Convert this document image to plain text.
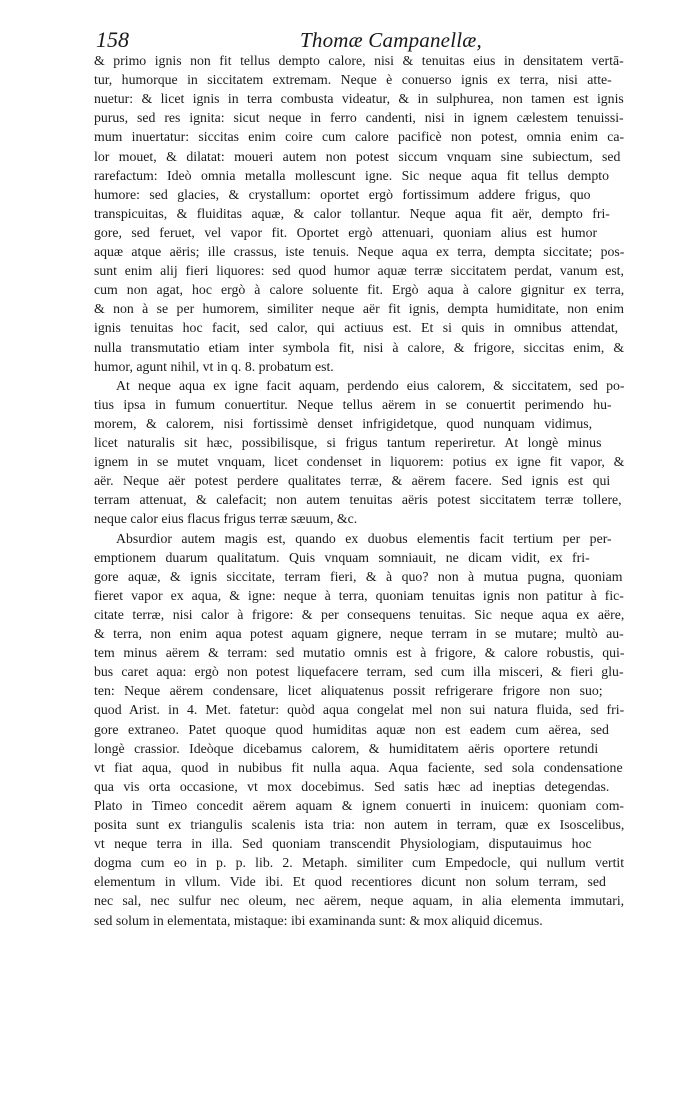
158	Thomæ Campanellæ,
& primo ignis non fit tellus dempto calore, nisi & tenuitas eius in densitatem vertā-
tur, humorque in siccitatem extremam. Neque è conuerso ignis ex terra, nisi atte-
nuetur: & licet ignis in terra combusta videatur, & in sulphurea, non tamen est ignis
purus, sed res ignita: sicut neque in ferro candenti, nisi in ignem cælestem tenuissi-
mum inuertatur: siccitas enim coire cum calore pacificè non potest, omnia enim ca-
lor mouet, & dilatat: moueri autem non potest siccum vnquam sine subiectum, sed
rarefactum: Ideò omnia metalla mollescunt igne. Sic neque aqua fit tellus dempto
humore: sed glacies, & crystallum: oportet ergò fortissimum addere frigus, quo
transpicuitas, & fluiditas aquæ, & calor tollantur. Neque aqua fit aër, dempto fri-
gore, sed feruet, vel vapor fit. Oportet ergò attenuari, quoniam alius est humor
aquæ atque aëris; ille crassus, iste tenuis. Neque aqua ex terra, dempta siccitate; pos-
sunt enim alij fieri liquores: sed quod humor aquæ terræ siccitatem perdat, vanum est,
cum non agat, hoc ergò à calore soluente fit. Ergò aqua à calore gignitur ex terra,
& non à se per humorem, similiter neque aër fit ignis, dempta humiditate, non enim
ignis tenuitas hoc facit, sed calor, qui actiuus est. Et si quis in omnibus attendat,
nulla transmutatio etiam inter symbola fit, nisi à calore, & frigore, siccitas enim, &
humor, agunt nihil, vt in q. 8. probatum est.
At neque aqua ex igne facit aquam, perdendo eius calorem, & siccitatem, sed po-
tius ipsa in fumum conuertitur. Neque tellus aërem in se conuertit perimendo hu-
morem, & calorem, nisi fortissimè denset infrigidetque, quod nunquam vidimus,
licet naturalis sit hæc, possibilisque, si frigus tantum reperiretur. At longè minus
ignem in se mutet vnquam, licet condenset in liquorem: potius ex igne fit vapor, &
aër. Neque aër potest perdere qualitates terræ, & aërem facere. Sed ignis est qui
terram attenuat, & calefacit; non autem tenuitas aëris potest siccitatem terræ tollere,
neque calor eius flacus frigus terræ sæuum, &c.
Absurdior autem magis est, quando ex duobus elementis facit tertium per per-
emptionem duarum qualitatum. Quis vnquam somniauit, ne dicam vidit, ex fri-
gore aquæ, & ignis siccitate, terram fieri, & à quo? non à mutua pugna, quoniam
fieret vapor ex aqua, & igne: neque à terra, quoniam tenuitas ignis non patitur à fic-
citate terræ, nisi calor à frigore: & per consequens tenuitas. Sic neque aqua ex aëre,
& terra, non enim aqua potest aquam gignere, neque terram in se mutare; multò au-
tem minus aërem & terram: sed mutatio omnis est à frigore, & calore robustis, qui-
bus caret aqua: ergò non potest liquefacere terram, sed cum illa misceri, & fieri glu-
ten: Neque aërem condensare, licet aliquatenus possit refrigerare frigore non suo;
quod Arist. in 4. Met. fatetur: quòd aqua congelat mel non sui natura fluida, sed fri-
gore extraneo. Patet quoque quod humiditas aquæ non est eadem cum aërea, sed
longè crassior. Ideòque dicebamus calorem, & humiditatem aëris oportere retundi
vt fiat aqua, quod in nubibus fit nulla aqua. Aqua faciente, sed sola condensatione
qua vis orta occasione, vt mox docebimus. Sed satis hæc ad ineptias detegendas.
Plato in Timeo concedit aërem aquam & ignem conuerti in inuicem: quoniam com-
posita sunt ex triangulis scalenis ista tria: non autem in terram, quæ ex Isoscelibus,
vt neque terra in illa. Sed quoniam transcendit Physiologiam, disputauimus hoc
dogma cum eo in p. p. lib. 2. Metaph. similiter cum Empedocle, qui nullum vertit
elementum in vllum. Vide ibi. Et quod recentiores dicunt non solum terram, sed
nec sal, nec sulfur nec oleum, nec aërem, neque aquam, in alia elementa immutari,
sed solum in elementata, mistaque: ibi examinanda sunt: & mox aliquid dicemus.
